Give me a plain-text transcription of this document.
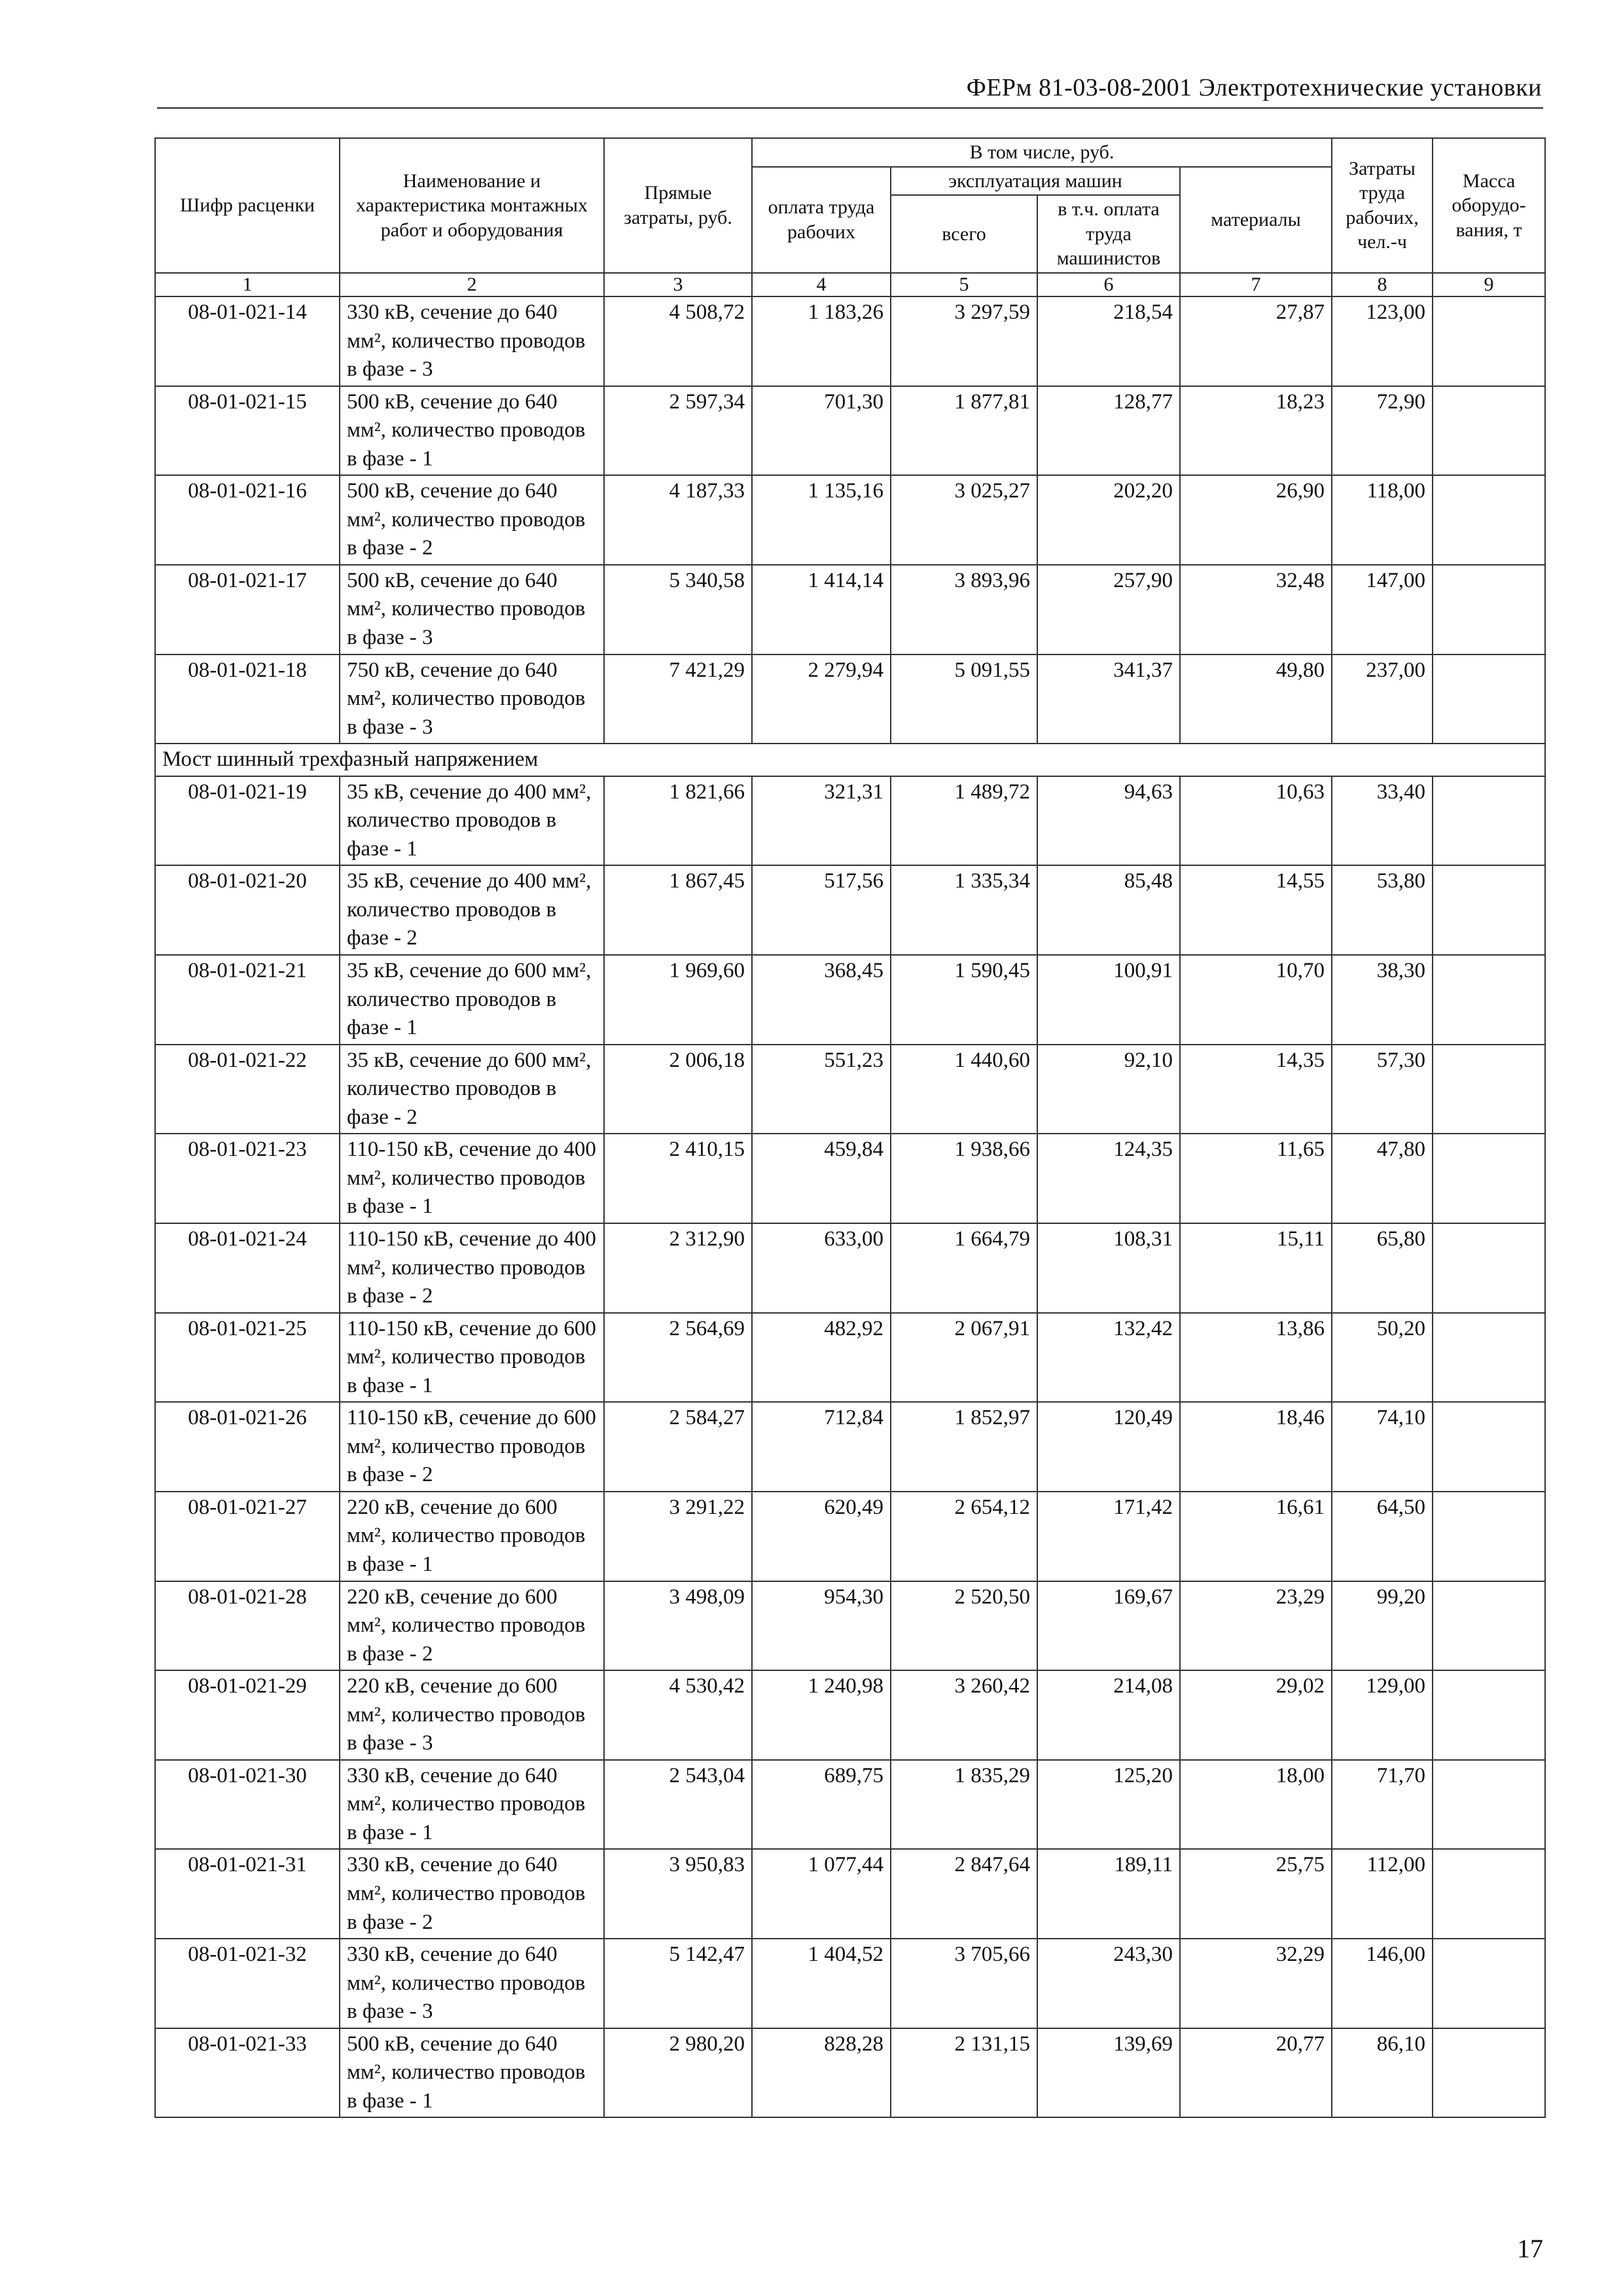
ФЕРм 81-03-08-2001 Электротехнические установки
Шифр расценки	Наименование и характеристика монтажных работ и оборудования	Прямые затраты, руб.	В том числе, руб.				Затраты труда рабочих, чел.-ч	Масса оборудо-вания, т
			оплата труда рабочих	эксплуатация машин		материалы		
				всего	в т.ч. оплата труда машинистов			
1	2	3	4	5	6	7	8	9
08-01-021-14	330 кВ, сечение до 640 мм², количество проводов в фазе - 3	4 508,72	1 183,26	3 297,59	218,54	27,87	123,00	
08-01-021-15	500 кВ, сечение до 640 мм², количество проводов в фазе - 1	2 597,34	701,30	1 877,81	128,77	18,23	72,90	
08-01-021-16	500 кВ, сечение до 640 мм², количество проводов в фазе - 2	4 187,33	1 135,16	3 025,27	202,20	26,90	118,00	
08-01-021-17	500 кВ, сечение до 640 мм², количество проводов в фазе - 3	5 340,58	1 414,14	3 893,96	257,90	32,48	147,00	
08-01-021-18	750 кВ, сечение до 640 мм², количество проводов в фазе - 3	7 421,29	2 279,94	5 091,55	341,37	49,80	237,00	
Мост шинный трехфазный напряжением								
08-01-021-19	35 кВ, сечение до 400 мм², количество проводов в фазе - 1	1 821,66	321,31	1 489,72	94,63	10,63	33,40	
08-01-021-20	35 кВ, сечение до 400 мм², количество проводов в фазе - 2	1 867,45	517,56	1 335,34	85,48	14,55	53,80	
08-01-021-21	35 кВ, сечение до 600 мм², количество проводов в фазе - 1	1 969,60	368,45	1 590,45	100,91	10,70	38,30	
08-01-021-22	35 кВ, сечение до 600 мм², количество проводов в фазе - 2	2 006,18	551,23	1 440,60	92,10	14,35	57,30	
08-01-021-23	110-150 кВ, сечение до 400 мм², количество проводов в фазе - 1	2 410,15	459,84	1 938,66	124,35	11,65	47,80	
08-01-021-24	110-150 кВ, сечение до 400 мм², количество проводов в фазе - 2	2 312,90	633,00	1 664,79	108,31	15,11	65,80	
08-01-021-25	110-150 кВ, сечение до 600 мм², количество проводов в фазе - 1	2 564,69	482,92	2 067,91	132,42	13,86	50,20	
08-01-021-26	110-150 кВ, сечение до 600 мм², количество проводов в фазе - 2	2 584,27	712,84	1 852,97	120,49	18,46	74,10	
08-01-021-27	220 кВ, сечение до 600 мм², количество проводов в фазе - 1	3 291,22	620,49	2 654,12	171,42	16,61	64,50	
08-01-021-28	220 кВ, сечение до 600 мм², количество проводов в фазе - 2	3 498,09	954,30	2 520,50	169,67	23,29	99,20	
08-01-021-29	220 кВ, сечение до 600 мм², количество проводов в фазе - 3	4 530,42	1 240,98	3 260,42	214,08	29,02	129,00	
08-01-021-30	330 кВ, сечение до 640 мм², количество проводов в фазе - 1	2 543,04	689,75	1 835,29	125,20	18,00	71,70	
08-01-021-31	330 кВ, сечение до 640 мм², количество проводов в фазе - 2	3 950,83	1 077,44	2 847,64	189,11	25,75	112,00	
08-01-021-32	330 кВ, сечение до 640 мм², количество проводов в фазе - 3	5 142,47	1 404,52	3 705,66	243,30	32,29	146,00	
08-01-021-33	500 кВ, сечение до 640 мм², количество проводов в фазе - 1	2 980,20	828,28	2 131,15	139,69	20,77	86,10	
17
